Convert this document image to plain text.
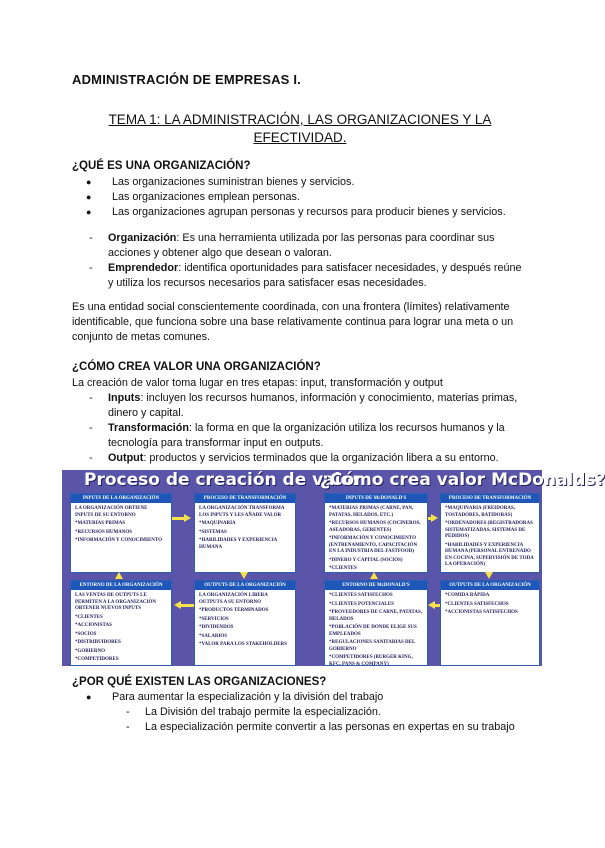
ADMINISTRACIÓN DE EMPRESAS I.
TEMA 1: LA ADMINISTRACIÓN, LAS ORGANIZACIONES Y LA EFECTIVIDAD.
¿QUÉ ES UNA ORGANIZACIÓN?
● Las organizaciones suministran bienes y servicios.
● Las organizaciones emplean personas.
● Las organizaciones agrupan personas y recursos para producir bienes y servicios.
- Organización: Es una herramienta utilizada por las personas para coordinar sus acciones y obtener algo que desean o valoran.
- Emprendedor: identifica oportunidades para satisfacer necesidades, y después reúne y utiliza los recursos necesarios para satisfacer esas necesidades.
Es una entidad social conscientemente coordinada, con una frontera (límites) relativamente identificable, que funciona sobre una base relativamente continua para lograr una meta o un conjunto de metas comunes.
¿CÓMO CREA VALOR UNA ORGANIZACIÓN?
La creación de valor toma lugar en tres etapas: input, transformación y output
- Inputs: incluyen los recursos humanos, información y conocimiento, materias primas, dinero y capital.
- Transformación: la forma en que la organización utiliza los recursos humanos y la tecnología para transformar input en outputs.
- Output: productos y servicios terminados que la organización libera a su entorno.
Proceso de creación de valor
INPUTS DE LA ORGANIZACIÓN
LA ORGANIZACIÓN OBTIENE INPUTS DE SU ENTORNO
*MATERIAS PRIMAS
*RECURSOS HUMANOS
*INFORMACIÓN Y CONOCIMIENTO
PROCESO DE TRANSFORMACIÓN
LA ORGANIZACIÓN TRANSFORMA LOS INPUTS Y LES AÑADE VALOR
*MAQUINARIA
*SISTEMAS
*HABILIDADES Y EXPERIENCIA HUMANA
ENTORNO DE LA ORGANIZACIÓN
LAS VENTAS DE OUTPUTS LE PERMITEN A LA ORGANIZACIÓN OBTENER NUEVOS INPUTS
*CLIENTES
*ACCIONISTAS
*SOCIOS
*DISTRIBUIDORES
*GOBIERNO
*COMPETIDORES
OUTPUTS DE LA ORGANIZACIÓN
LA ORGANIZACIÓN LIBERA OUTPUTS A SU ENTORNO
*PRODUCTOS TERMINADOS
*SERVICIOS
*DIVIDENDOS
*SALARIOS
*VALOR PARA LOS STAKEHOLDERS
¿Cómo crea valor McDonalds?
INPUTS DE McDONALD'S
*MATERIAS PRIMAS (CARNE, PAN, PATATAS, HELADOS, ETC.)
*RECURSOS HUMANOS (COCINEROS, ASEADORAS, GERENTES)
*INFORMACIÓN Y CONOCIMIENTO (ENTRENAMIENTO, CAPACITACIÓN EN LA INDUSTRIA DEL FASTFOOD)
*DINERO Y CAPITAL (SOCIOS)
*CLIENTES
PROCESO DE TRANSFORMACIÓN
*MAQUINARIA (FREIDORAS, TOSTADORES, BATIDORAS)
*ORDENADORES (REGISTRADORAS SISTEMATIZADAS, SISTEMAS DE PEDIDOS)
*HABILIDADES Y EXPERIENCIA HUMANA (PERSONAL ENTRENADO EN COCINA, SUPERVISIÓN DE TODA LA OPERACIÓN)
ENTORNO DE McDONALD'S
*CLIENTES SATISFECHOS
*CLIENTES POTENCIALES
*PROVEEDORES DE CARNE, PATATAS, HELADOS
*POBLACIÓN DE DONDE ELIGE SUS EMPLEADOS
*REGULACIONES SANITARIAS DEL GOBIERNO
*COMPETIDORES (BURGER KING, KFC, PANS & COMPANY)
OUTPUTS DE LA ORGANIZACIÓN
*COMIDA RÁPIDA
*CLIENTES SATISFECHOS
*ACCIONISTAS SATISFECHOS
¿POR QUÉ EXISTEN LAS ORGANIZACIONES?
● Para aumentar la especialización y la división del trabajo
- La División del trabajo permite la especialización.
- La especialización permite convertir a las personas en expertas en su trabajo
